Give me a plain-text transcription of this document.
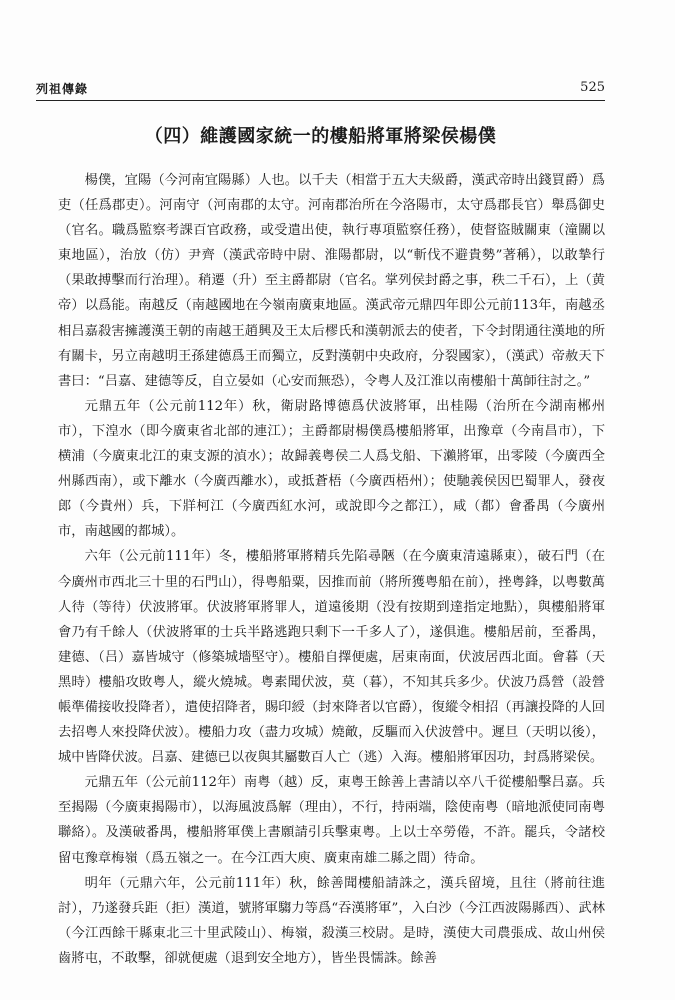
列祖傳錄	525
（四）維護國家統一的樓船將軍將梁侯楊僕

楊僕，宜陽（今河南宜陽縣）人也。以千夫（相當于五大夫級爵，漢武帝時出錢買爵）爲吏（任爲郡吏）。河南守（河南郡的太守。河南郡治所在今洛陽市，太守爲郡長官）舉爲御史（官名。職爲監察考課百官政務，或受遣出使，執行專項監察任務），使督盜賊關東（潼關以東地區），治放（仿）尹齊（漢武帝時中尉、淮陽都尉，以“斬伐不避貴勢”著稱），以敢摯行（果敢搏擊而行治理）。稍遷（升）至主爵都尉（官名。掌列侯封爵之事，秩二千石），上（黄帝）以爲能。南越反（南越國地在今嶺南廣東地區。漢武帝元鼎四年即公元前113年，南越丞相吕嘉殺害擁護漢王朝的南越王趙興及王太后樛氏和漢朝派去的使者，下令封閉通往漢地的所有關卡，另立南越明王孫建德爲王而獨立，反對漢朝中央政府，分裂國家），（漢武）帝赦天下書曰：“吕嘉、建德等反，自立晏如（心安而無恐），令粤人及江淮以南樓船十萬師往討之。”

元鼎五年（公元前112年）秋，衛尉路博德爲伏波將軍，出桂陽（治所在今湖南郴州市），下湟水（即今廣東省北部的連江）；主爵都尉楊僕爲樓船將軍，出豫章（今南昌市），下横浦（今廣東北江的東支源的湞水）；故歸義粤侯二人爲戈船、下瀨將軍，出零陵（今廣西全州縣西南），或下離水（今廣西離水），或抵蒼梧（今廣西梧州）；使馳義侯因巴蜀罪人，發夜郎（今貴州）兵，下牂柯江（今廣西紅水河，或說即今之都江），咸（都）會番禺（今廣州市，南越國的都城）。

六年（公元前111年）冬，樓船將軍將精兵先陷尋陿（在今廣東清遠縣東），破石門（在今廣州市西北三十里的石門山），得粤船粟，因推而前（將所獲粤船在前），挫粤鋒，以粤數萬人待（等待）伏波將軍。伏波將軍將罪人，道遠後期（没有按期到達指定地點），與樓船將軍會乃有千餘人（伏波將軍的士兵半路逃跑只剩下一千多人了），遂俱進。樓船居前，至番禺，建德、（吕）嘉皆城守（修築城墻堅守）。樓船自擇便處，居東南面，伏波居西北面。會暮（天黑時）樓船攻敗粤人，縱火燒城。粤素聞伏波，莫（暮），不知其兵多少。伏波乃爲營（設營帳準備接收投降者），遣使招降者，賜印綬（封來降者以官爵），復縱令相招（再讓投降的人回去招粤人來投降伏波）。樓船力攻（盡力攻城）燒敵，反驅而入伏波營中。遲旦（天明以後），城中皆降伏波。吕嘉、建德已以夜與其屬數百人亡（逃）入海。樓船將軍因功，封爲將梁侯。

元鼎五年（公元前112年）南粤（越）反，東粤王餘善上書請以卒八千從樓船擊吕嘉。兵至揭陽（今廣東揭陽市），以海風波爲解（理由），不行，持兩端，陰使南粤（暗地派使同南粤聯絡）。及漢破番禺，樓船將軍僕上書願請引兵擊東粤。上以士卒勞倦，不許。罷兵，令諸校留屯豫章梅嶺（爲五嶺之一。在今江西大庾、廣東南雄二縣之間）待命。

明年（元鼎六年，公元前111年）秋，餘善聞樓船請誅之，漢兵留境，且往（將前往進討），乃遂發兵距（拒）漢道，號將軍騶力等爲“吞漢將軍”，入白沙（今江西波陽縣西）、武林（今江西餘干縣東北三十里武陵山）、梅嶺，殺漢三校尉。是時，漢使大司農張成、故山州侯齒將屯，不敢擊，卻就便處（退到安全地方），皆坐畏懦誅。餘善
